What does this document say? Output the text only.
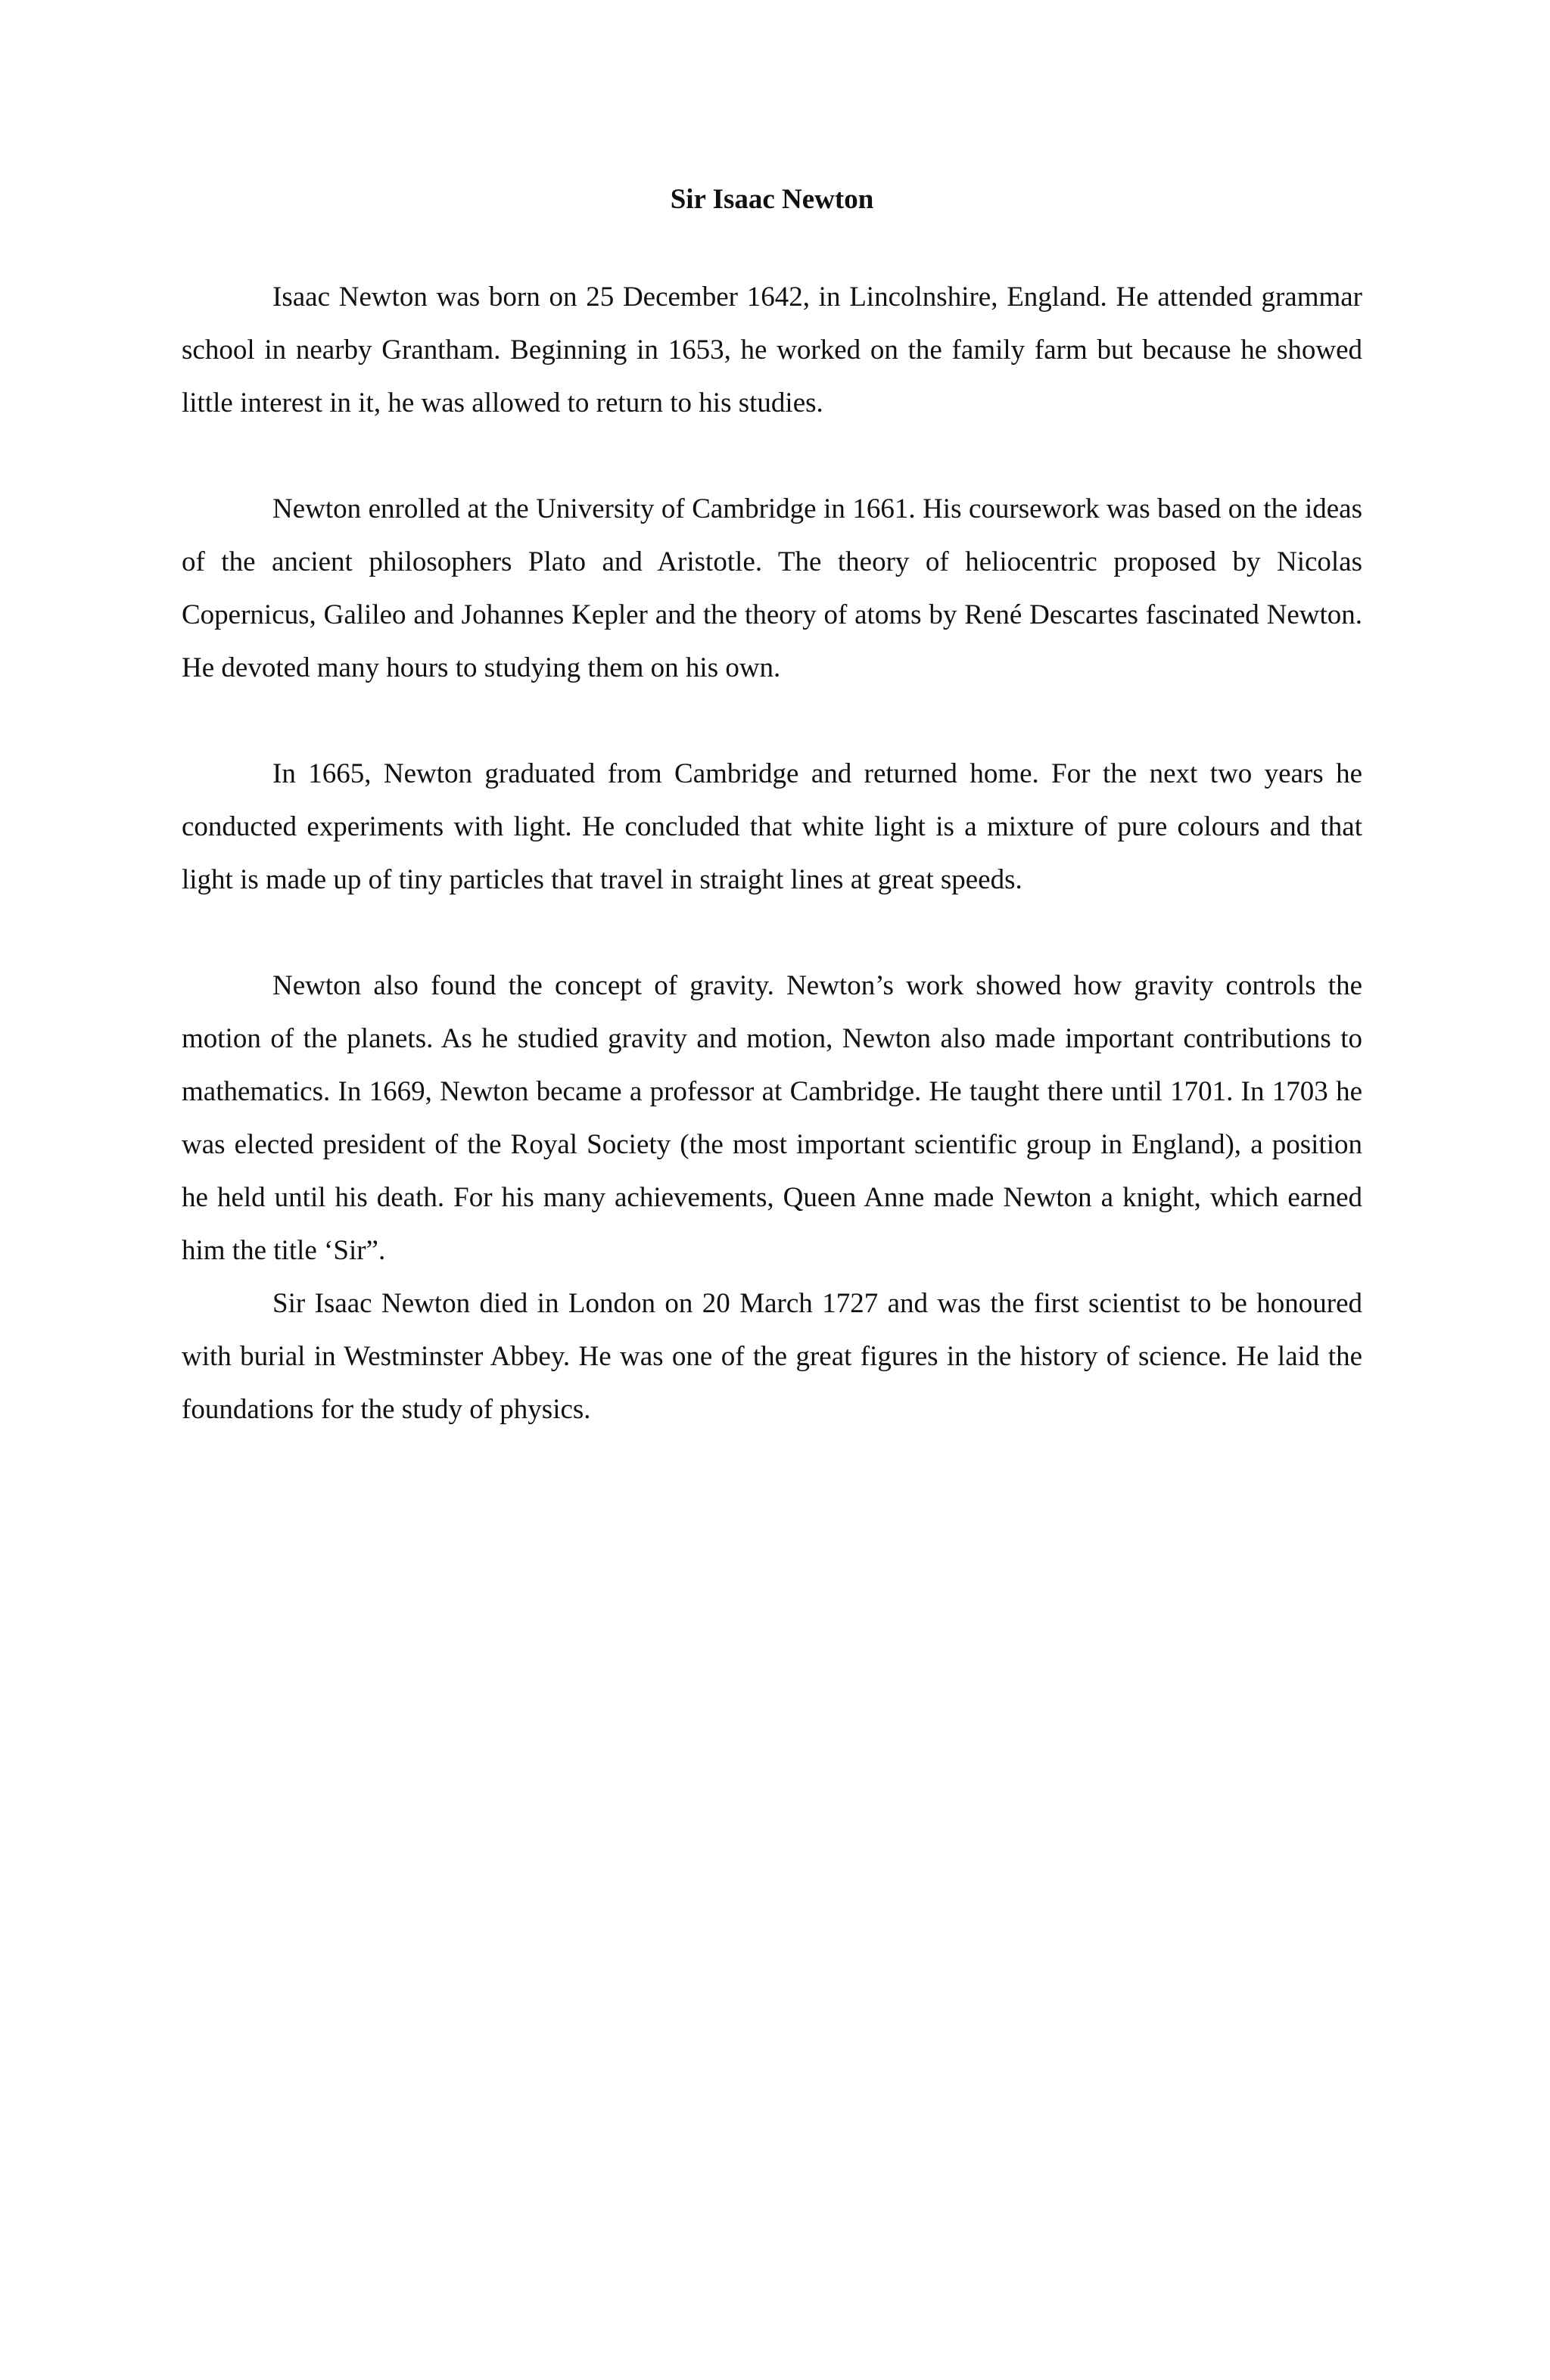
Sir Isaac Newton

Isaac Newton was born on 25 December 1642, in Lincolnshire, England. He attended grammar school in nearby Grantham. Beginning in 1653, he worked on the family farm but because he showed little interest in it, he was allowed to return to his studies.

Newton enrolled at the University of Cambridge in 1661. His coursework was based on the ideas of the ancient philosophers Plato and Aristotle. The theory of heliocentric proposed by Nicolas Copernicus, Galileo and Johannes Kepler and the theory of atoms by René Descartes fascinated Newton. He devoted many hours to studying them on his own.

In 1665, Newton graduated from Cambridge and returned home. For the next two years he conducted experiments with light. He concluded that white light is a mixture of pure colours and that light is made up of tiny particles that travel in straight lines at great speeds.

Newton also found the concept of gravity. Newton’s work showed how gravity controls the motion of the planets. As he studied gravity and motion, Newton also made important contributions to mathematics. In 1669, Newton became a professor at Cambridge. He taught there until 1701. In 1703 he was elected president of the Royal Society (the most important scientific group in England), a position he held until his death. For his many achievements, Queen Anne made Newton a knight, which earned him the title ‘Sir”.

Sir Isaac Newton died in London on 20 March 1727 and was the first scientist to be honoured with burial in Westminster Abbey. He was one of the great figures in the history of science. He laid the foundations for the study of physics.
